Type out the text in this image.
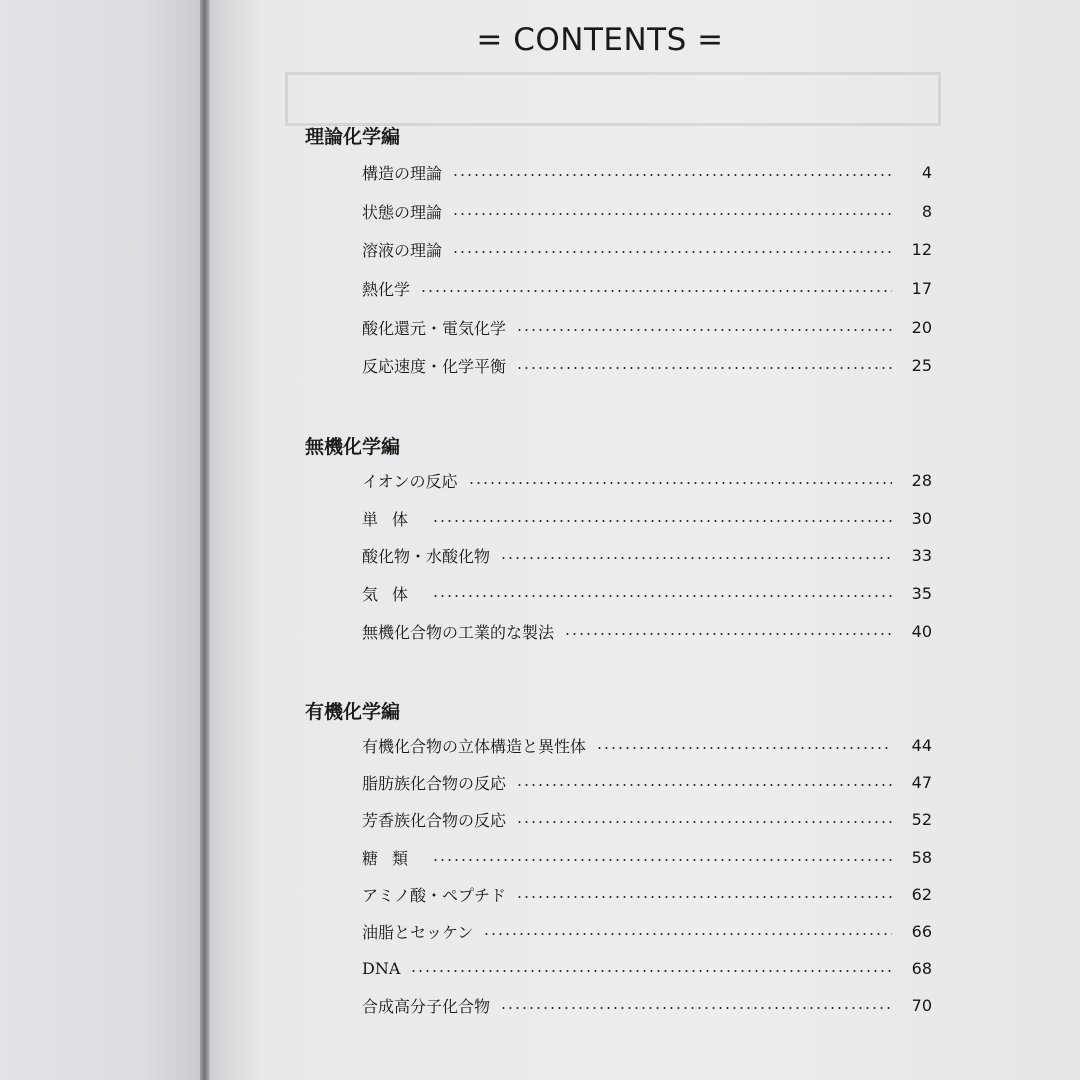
= CONTENTS =
理論化学編
構造の理論	4
状態の理論	8
溶液の理論	12
熱化学	17
酸化還元・電気化学	20
反応速度・化学平衡	25
無機化学編
イオンの反応	28
単体	30
酸化物・水酸化物	33
気体	35
無機化合物の工業的な製法	40
有機化学編
有機化合物の立体構造と異性体	44
脂肪族化合物の反応	47
芳香族化合物の反応	52
糖類	58
アミノ酸・ペプチド	62
油脂とセッケン	66
DNA	68
合成高分子化合物	70
